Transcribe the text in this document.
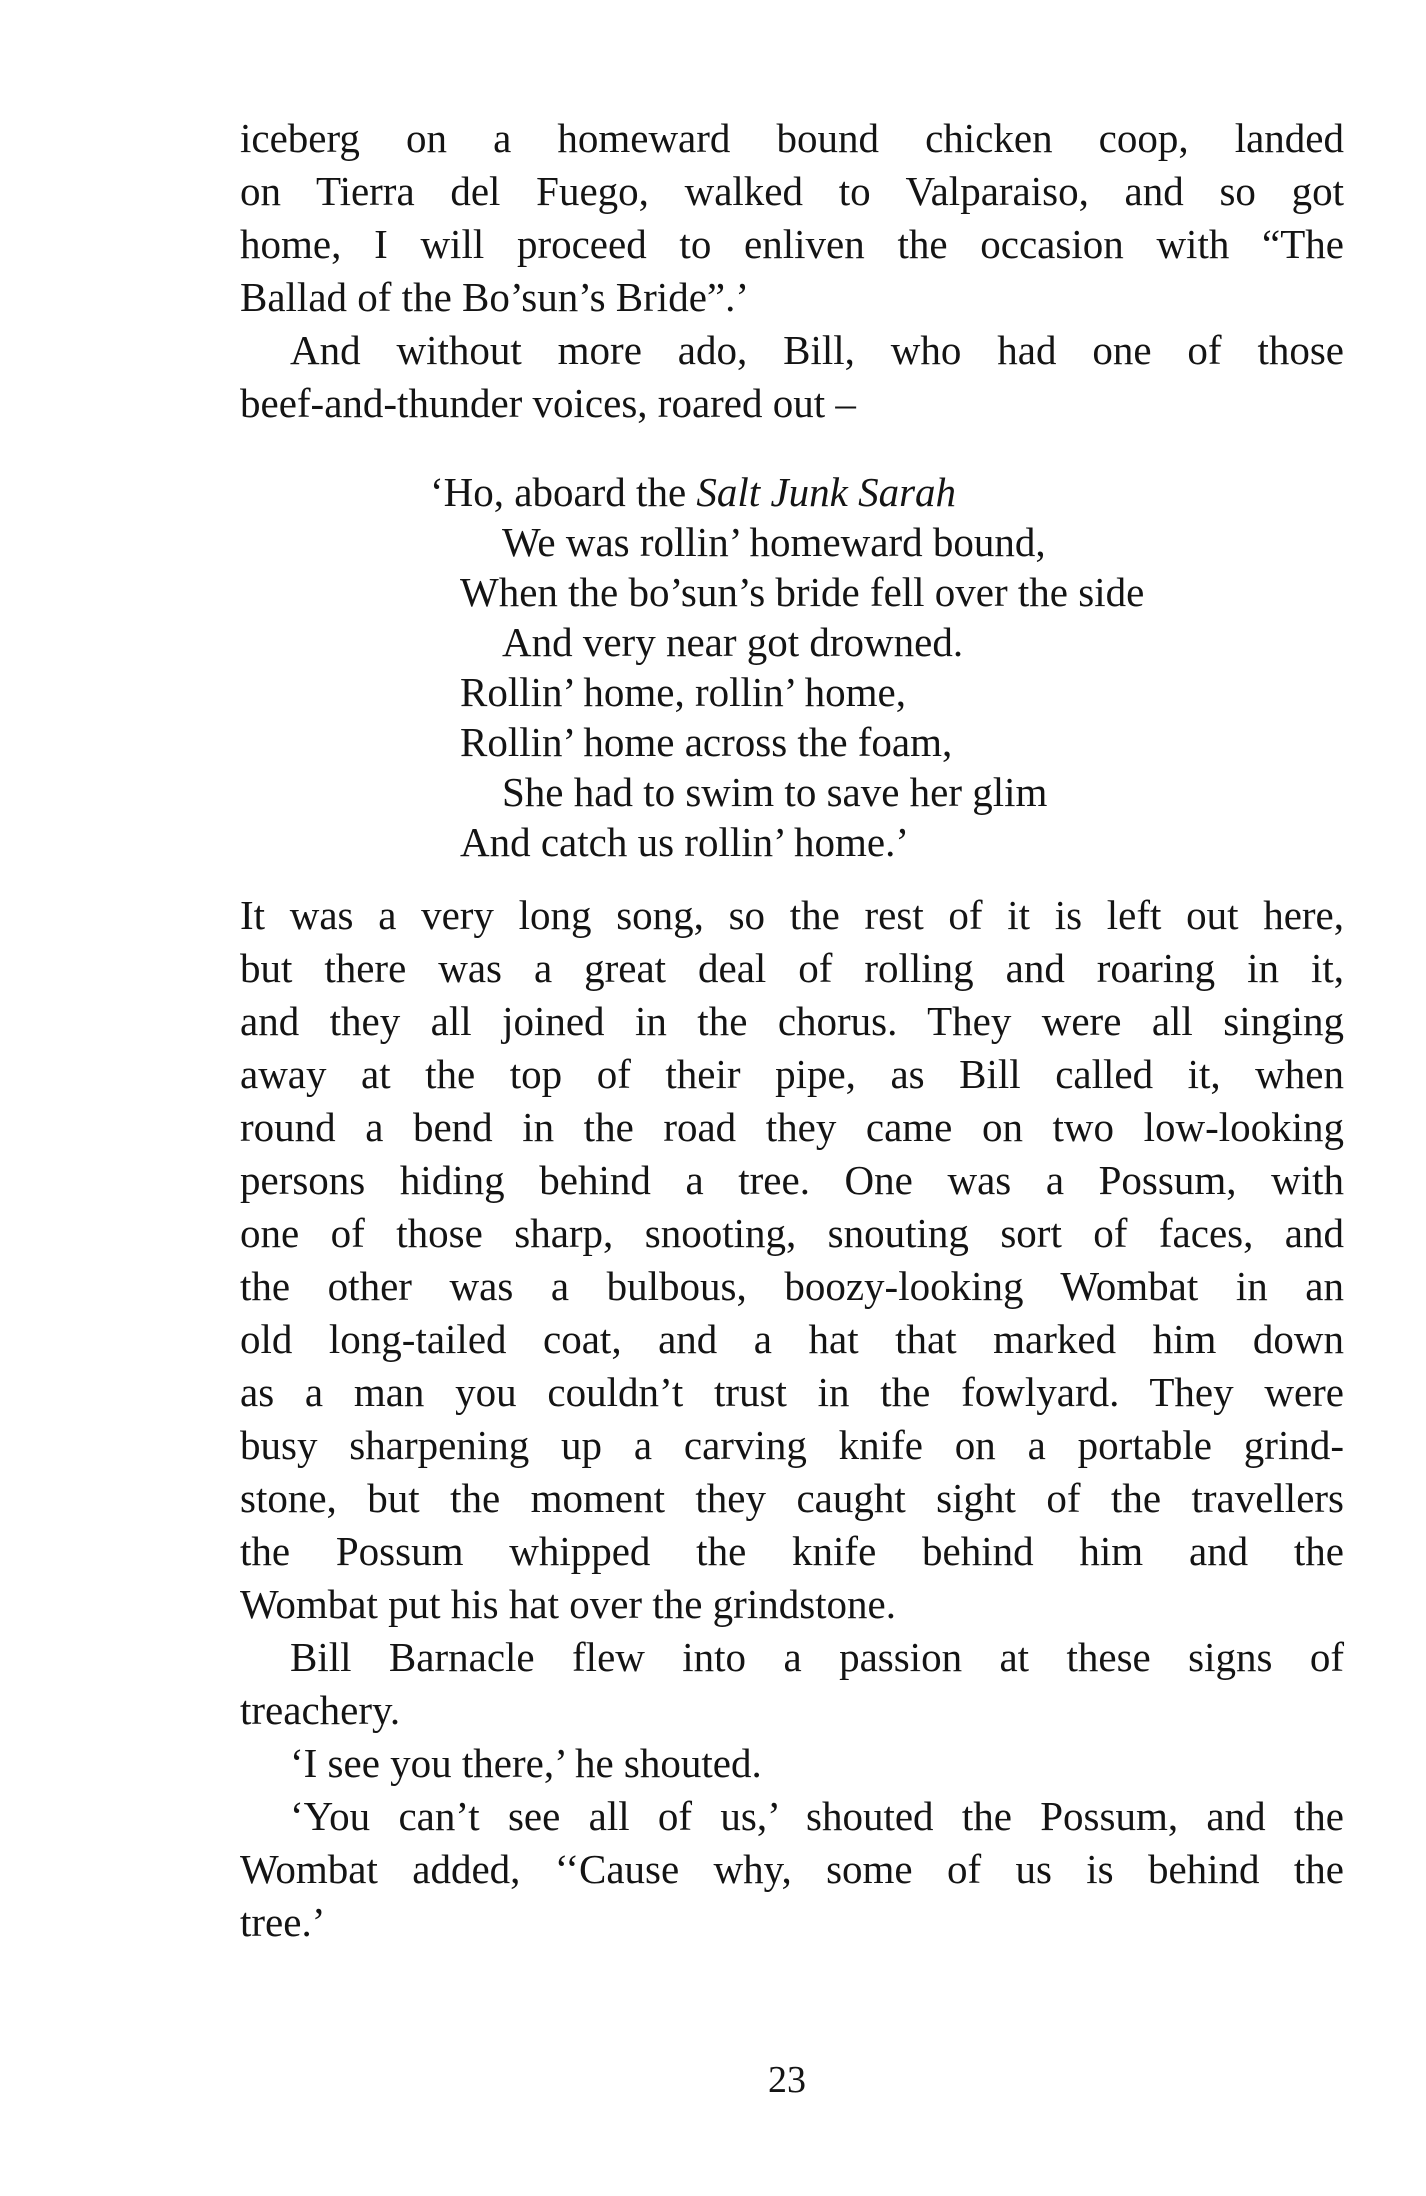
iceberg on a homeward bound chicken coop, landed
on Tierra del Fuego, walked to Valparaiso, and so got
home, I will proceed to enliven the occasion with “The
Ballad of the Bo’sun’s Bride”.’
And without more ado, Bill, who had one of those
beef-and-thunder voices, roared out –
‘Ho, aboard the Salt Junk Sarah
We was rollin’ homeward bound,
When the bo’sun’s bride fell over the side
And very near got drowned.
Rollin’ home, rollin’ home,
Rollin’ home across the foam,
She had to swim to save her glim
And catch us rollin’ home.’
It was a very long song, so the rest of it is left out here,
but there was a great deal of rolling and roaring in it,
and they all joined in the chorus. They were all singing
away at the top of their pipe, as Bill called it, when
round a bend in the road they came on two low-looking
persons hiding behind a tree. One was a Possum, with
one of those sharp, snooting, snouting sort of faces, and
the other was a bulbous, boozy-looking Wombat in an
old long-tailed coat, and a hat that marked him down
as a man you couldn’t trust in the fowlyard. They were
busy sharpening up a carving knife on a portable grind-
stone, but the moment they caught sight of the travellers
the Possum whipped the knife behind him and the
Wombat put his hat over the grindstone.
Bill Barnacle flew into a passion at these signs of
treachery.
‘I see you there,’ he shouted.
‘You can’t see all of us,’ shouted the Possum, and the
Wombat added, ‘‘Cause why, some of us is behind the
tree.’
23
